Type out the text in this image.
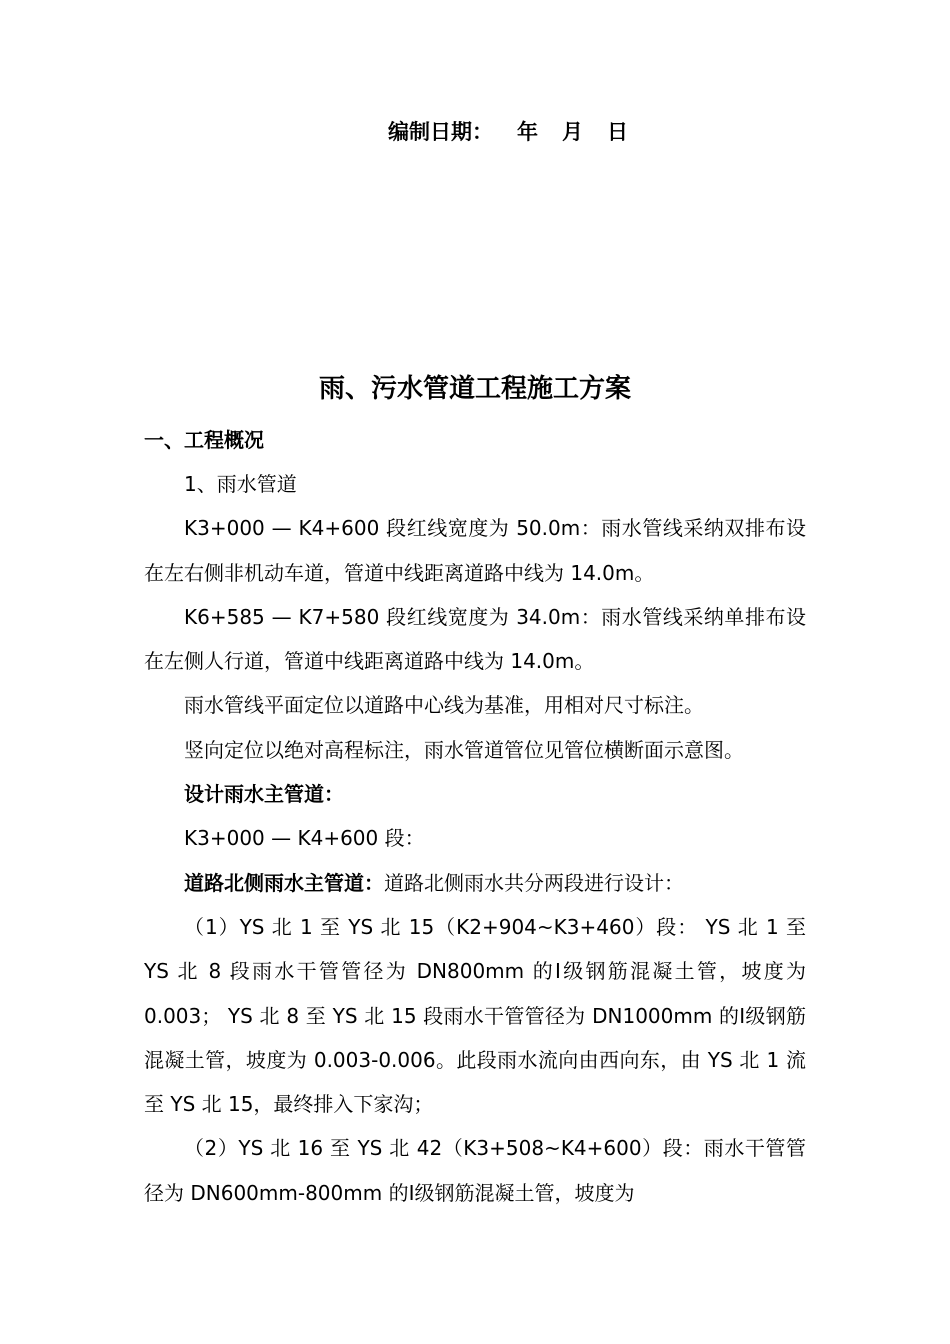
编制日期： 年 月 日
雨、污水管道工程施工方案
一、工程概况

1、雨水管道

K3+000 — K4+600 段红线宽度为 50.0m：雨水管线采纳双排布设在左右侧非机动车道，管道中线距离道路中线为 14.0m。

K6+585 — K7+580 段红线宽度为 34.0m：雨水管线采纳单排布设在左侧人行道，管道中线距离道路中线为 14.0m。

雨水管线平面定位以道路中心线为基准，用相对尺寸标注。

竖向定位以绝对高程标注，雨水管道管位见管位横断面示意图。

设计雨水主管道：

K3+000 — K4+600 段：

道路北侧雨水主管道：道路北侧雨水共分两段进行设计：

（1）YS 北 1 至 YS 北 15（K2+904~K3+460）段： YS 北 1 至 YS 北 8 段雨水干管管径为 DN800mm 的Ⅰ级钢筋混凝土管，坡度为 0.003； YS 北 8 至 YS 北 15 段雨水干管管径为 DN1000mm 的Ⅰ级钢筋混凝土管，坡度为 0.003-0.006。此段雨水流向由西向东，由 YS 北 1 流至 YS 北 15，最终排入下家沟；

（2）YS 北 16 至 YS 北 42（K3+508~K4+600）段：雨水干管管径为 DN600mm-800mm 的Ⅰ级钢筋混凝土管，坡度为
